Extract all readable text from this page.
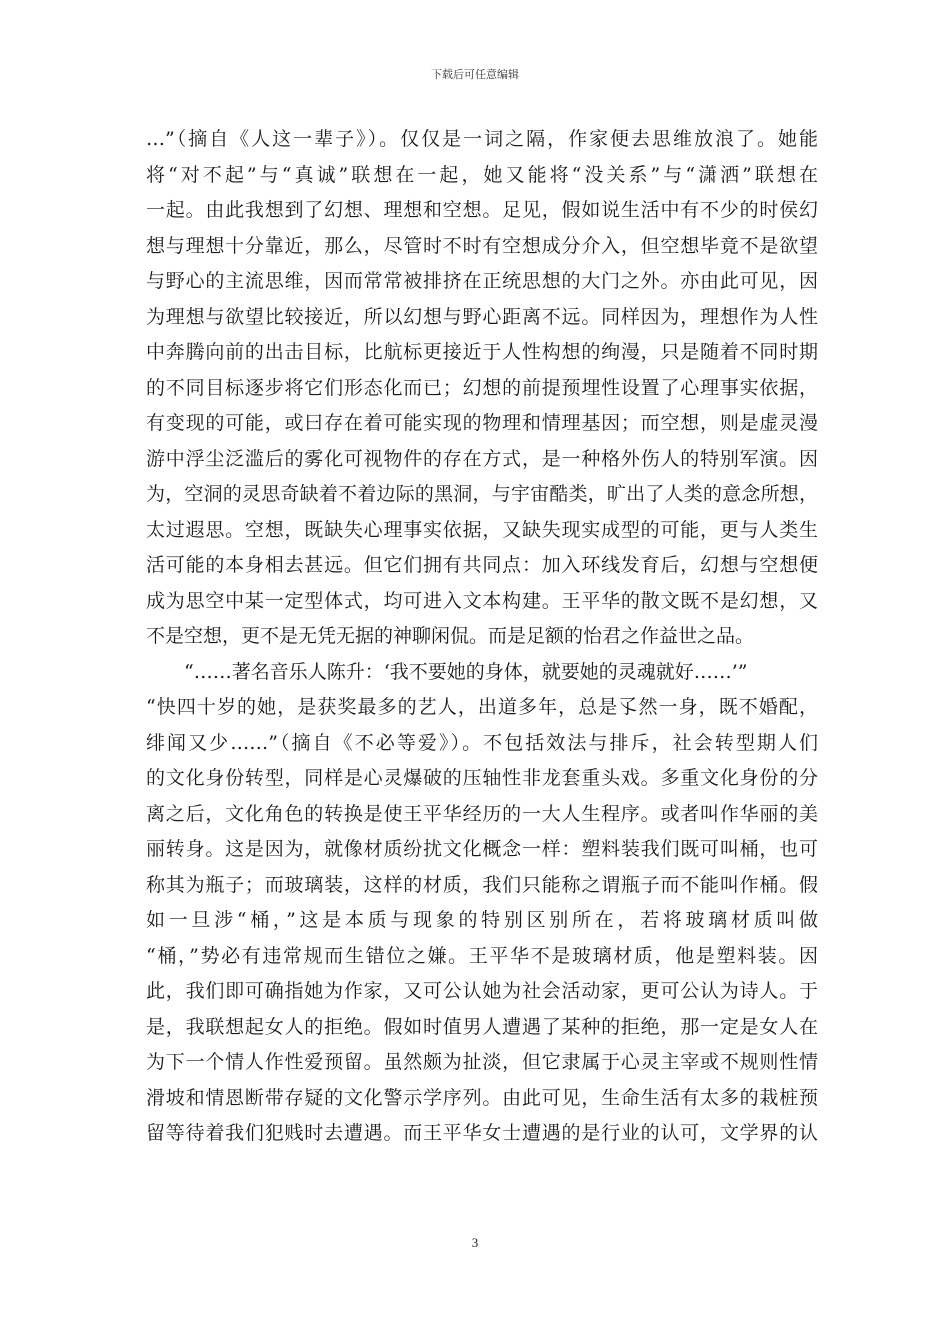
下载后可任意编辑
…”（摘自《人这一辈子》）。仅仅是一词之隔，作家便去思维放浪了。她能
将“对不起”与“真诚”联想在一起，她又能将“没关系”与“潇洒”联想在
一起。由此我想到了幻想、理想和空想。足见，假如说生活中有不少的时侯幻
想与理想十分靠近，那么，尽管时不时有空想成分介入，但空想毕竟不是欲望
与野心的主流思维，因而常常被排挤在正统思想的大门之外。亦由此可见，因
为理想与欲望比较接近，所以幻想与野心距离不远。同样因为，理想作为人性
中奔腾向前的出击目标，比航标更接近于人性构想的绚漫，只是随着不同时期
的不同目标逐步将它们形态化而已；幻想的前提预埋性设置了心理事实依据，
有变现的可能，或曰存在着可能实现的物理和情理基因；而空想，则是虚灵漫
游中浮尘泛滥后的雾化可视物件的存在方式，是一种格外伤人的特别军演。因
为，空洞的灵思奇缺着不着边际的黑洞，与宇宙酷类，旷出了人类的意念所想，
太过遐思。空想，既缺失心理事实依据，又缺失现实成型的可能，更与人类生
活可能的本身相去甚远。但它们拥有共同点：加入环线发育后，幻想与空想便
成为思空中某一定型体式，均可进入文本构建。王平华的散文既不是幻想，又
不是空想，更不是无凭无据的神聊闲侃。而是足额的怡君之作益世之品。
“……著名音乐人陈升：‘我不要她的身体，就要她的灵魂就好……’”
“快四十岁的她，是获奖最多的艺人，出道多年，总是孓然一身，既不婚配，
绯闻又少……”（摘自《不必等爱》）。不包括效法与排斥，社会转型期人们
的文化身份转型，同样是心灵爆破的压轴性非龙套重头戏。多重文化身份的分
离之后，文化角色的转换是使王平华经历的一大人生程序。或者叫作华丽的美
丽转身。这是因为，就像材质纷扰文化概念一样：塑料装我们既可叫桶，也可
称其为瓶子；而玻璃装，这样的材质，我们只能称之谓瓶子而不能叫作桶。假
如一旦涉“桶，”这是本质与现象的特别区别所在，若将玻璃材质叫做
“桶，”势必有违常规而生错位之嫌。王平华不是玻璃材质，他是塑料装。因
此，我们即可确指她为作家，又可公认她为社会活动家，更可公认为诗人。于
是，我联想起女人的拒绝。假如时值男人遭遇了某种的拒绝，那一定是女人在
为下一个情人作性爱预留。虽然颇为扯淡，但它隶属于心灵主宰或不规则性情
滑坡和情恩断带存疑的文化警示学序列。由此可见，生命生活有太多的栽桩预
留等待着我们犯贱时去遭遇。而王平华女士遭遇的是行业的认可，文学界的认
3
